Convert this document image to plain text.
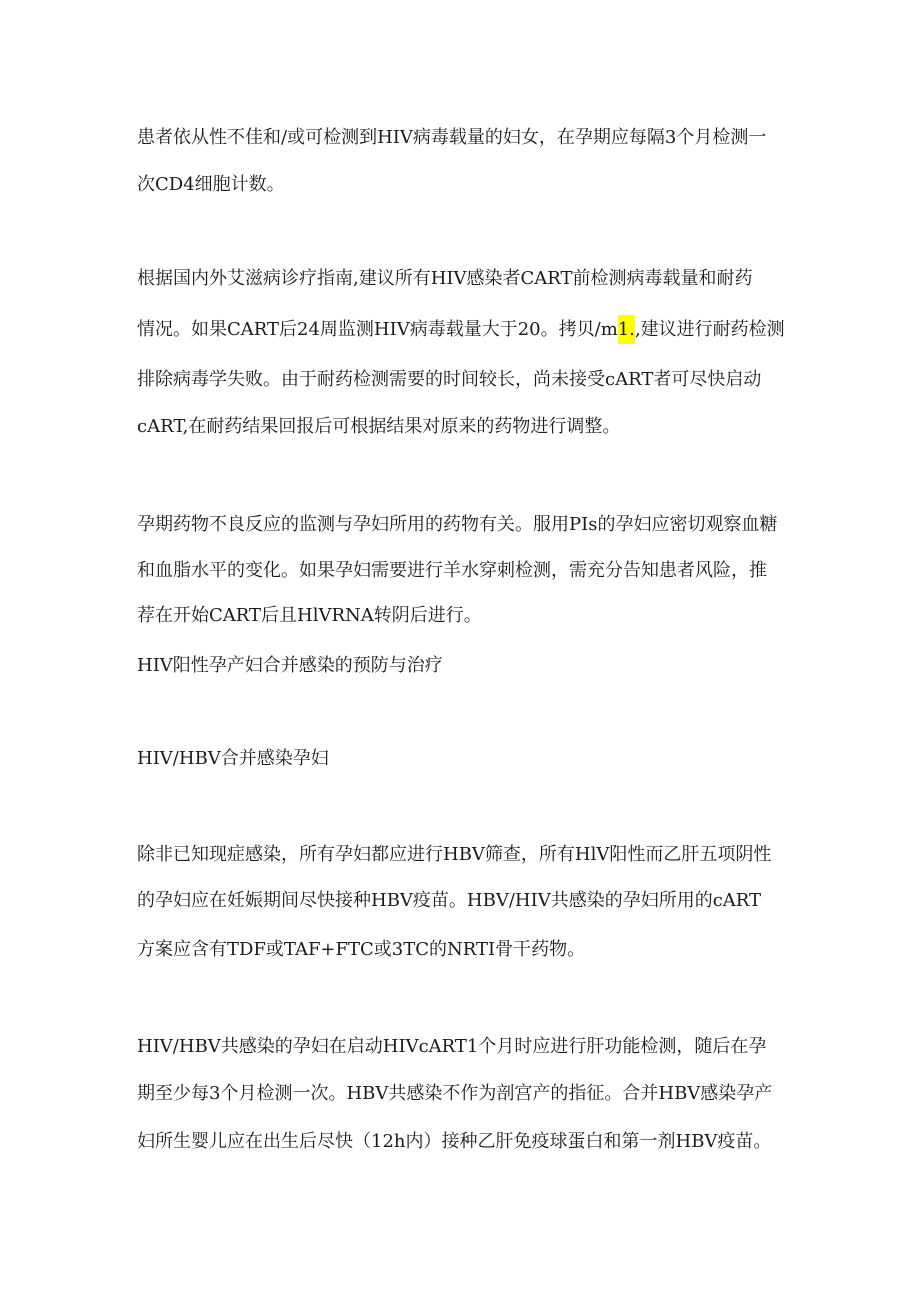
患者依从性不佳和/或可检测到HIV病毒载量的妇女，在孕期应每隔3个月检测一

次CD4细胞计数。

根据国内外艾滋病诊疗指南,建议所有HIV感染者CART前检测病毒载量和耐药

情况。如果CART后24周监测HIV病毒载量大于20。拷贝/m1.,建议进行耐药检测

排除病毒学失败。由于耐药检测需要的时间较长，尚未接受cART者可尽快启动

cART,在耐药结果回报后可根据结果对原来的药物进行调整。

孕期药物不良反应的监测与孕妇所用的药物有关。服用PIs的孕妇应密切观察血糖

和血脂水平的变化。如果孕妇需要进行羊水穿刺检测，需充分告知患者风险，推

荐在开始CART后且HlVRNA转阴后进行。

HIV阳性孕产妇合并感染的预防与治疗

HIV/HBV合并感染孕妇

除非已知现症感染，所有孕妇都应进行HBV筛查，所有HlV阳性而乙肝五项阴性

的孕妇应在妊娠期间尽快接种HBV疫苗。HBV/HIV共感染的孕妇所用的cART

方案应含有TDF或TAF+FTC或3TC的NRTI骨干药物。

HIV/HBV共感染的孕妇在启动HIVcART1个月时应进行肝功能检测，随后在孕

期至少每3个月检测一次。HBV共感染不作为剖宫产的指征。合并HBV感染孕产

妇所生婴儿应在出生后尽快（12h内）接种乙肝免疫球蛋白和第一剂HBV疫苗。
